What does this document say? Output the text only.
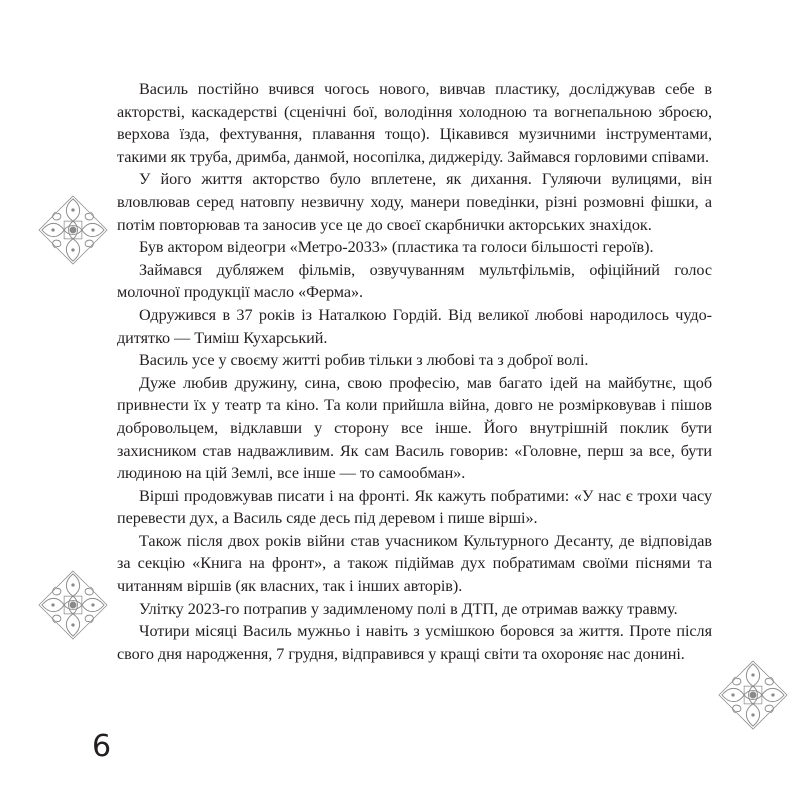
Василь постійно вчився чогось нового, вивчав пластику, досліджував себе в акторстві, каскадерстві (сценічні бої, володіння холодною та вогнепальною зброєю, верхова їзда, фехтування, плавання тощо). Цікавився музичними інструментами, такими як труба, дримба, данмой, носопілка, диджеріду. Займався горловими співами.

У його життя акторство було вплетене, як дихання. Гуляючи вулицями, він вловлював серед натовпу незвичну ходу, манери поведінки, різні розмовні фішки, а потім повторював та заносив усе це до своєї скарбнички акторських знахідок.

Був актором відеогри «Метро-2033» (пластика та голоси більшості героїв).

Займався дубляжем фільмів, озвучуванням мультфільмів, офіційний голос молочної продукції масло «Ферма».

Одружився в 37 років із Наталкою Гордій. Від великої любові народилось чудо-дитятко — Тиміш Кухарський.

Василь усе у своєму житті робив тільки з любові та з доброї волі.

Дуже любив дружину, сина, свою професію, мав багато ідей на майбутнє, щоб привнести їх у театр та кіно. Та коли прийшла війна, довго не розмірковував і пішов добровольцем, відклавши у сторону все інше. Його внутрішній поклик бути захисником став надважливим. Як сам Василь говорив: «Головне, перш за все, бути людиною на цій Землі, все інше — то самообман».

Вірші продовжував писати і на фронті. Як кажуть побратими: «У нас є трохи часу перевести дух, а Василь сяде десь під деревом і пише вірші».

Також після двох років війни став учасником Культурного Десанту, де відповідав за секцію «Книга на фронт», а також підіймав дух побратимам своїми піснями та читанням віршів (як власних, так і інших авторів).

Улітку 2023-го потрапив у задимленому полі в ДТП, де отримав важку травму.

Чотири місяці Василь мужньо і навіть з усмішкою боровся за життя. Проте після свого дня народження, 7 грудня, відправився у кращі світи та охороняє нас донині.

6
